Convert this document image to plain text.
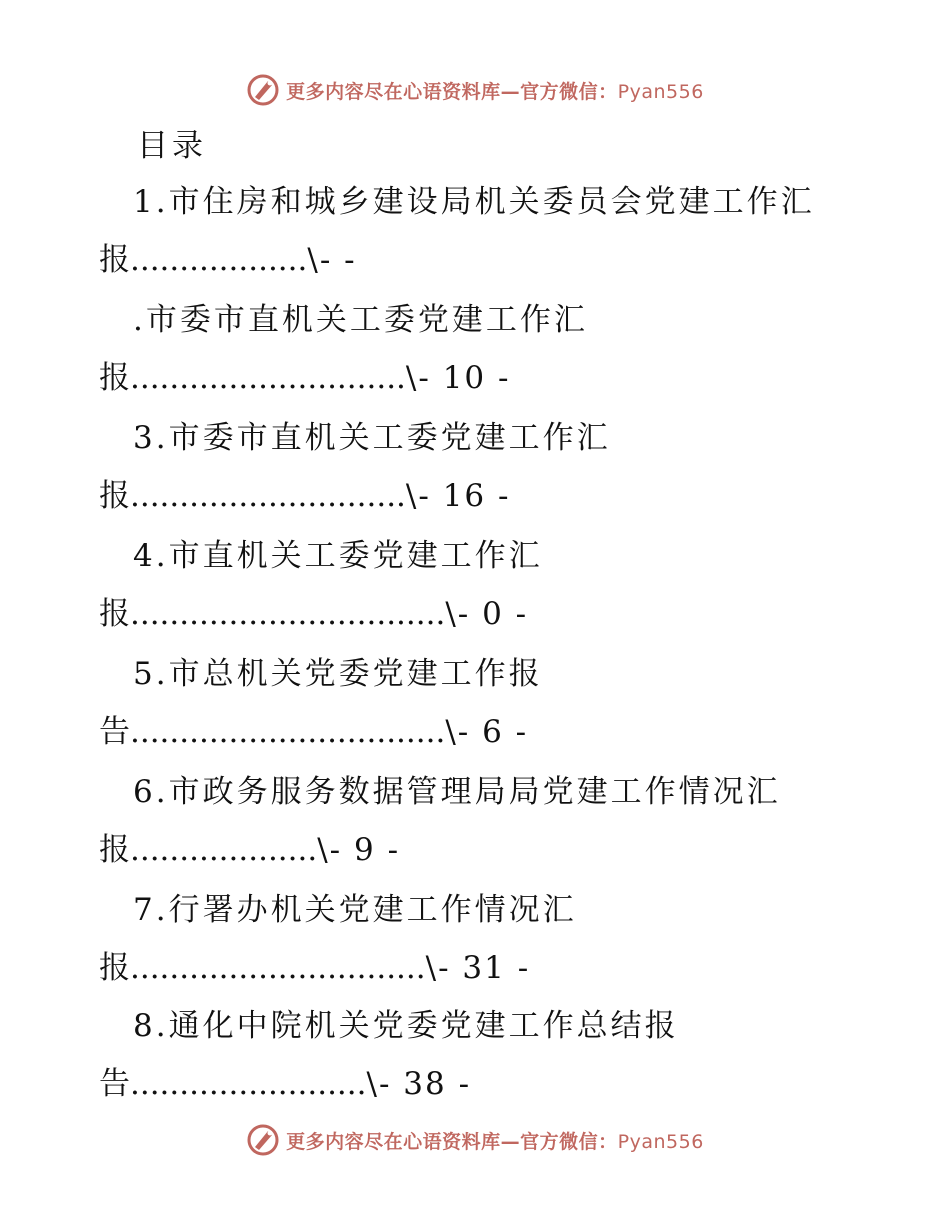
更多内容尽在心语资料库—官方微信：Pyan556
目录
1.市住房和城乡建设局机关委员会党建工作汇
报..................\- -
.市委市直机关工委党建工作汇
报............................\- 10 -
3.市委市直机关工委党建工作汇
报............................\- 16 -
4.市直机关工委党建工作汇
报................................\- 0 -
5.市总机关党委党建工作报
告................................\- 6 -
6.市政务服务数据管理局局党建工作情况汇
报...................\- 9 -
7.行署办机关党建工作情况汇
报..............................\- 31 -
8.通化中院机关党委党建工作总结报
告........................\- 38 -
更多内容尽在心语资料库—官方微信：Pyan556
